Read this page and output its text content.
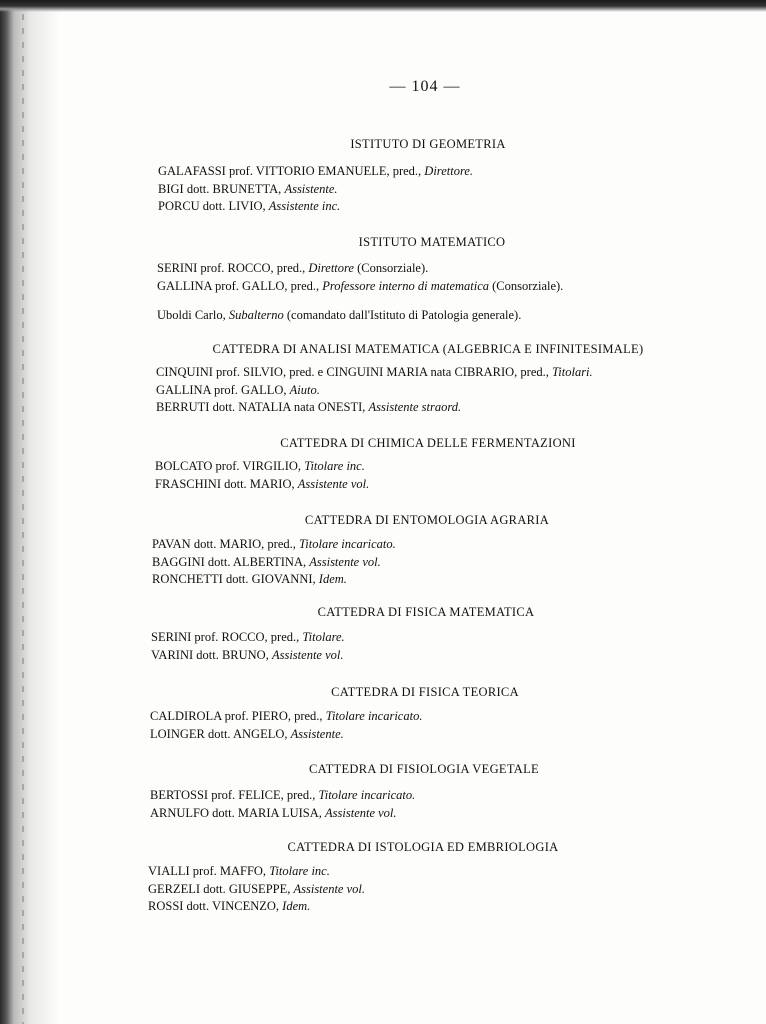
— 104 —
ISTITUTO DI GEOMETRIA
GALAFASSI prof. VITTORIO EMANUELE, pred., Direttore.
BIGI dott. BRUNETTA, Assistente.
PORCU dott. LIVIO, Assistente inc.
ISTITUTO MATEMATICO
SERINI prof. ROCCO, pred., Direttore (Consorziale).
GALLINA prof. GALLO, pred., Professore interno di matematica (Consorziale).
Uboldi Carlo, Subalterno (comandato dall'Istituto di Patologia generale).
CATTEDRA DI ANALISI MATEMATICA (ALGEBRICA E INFINITESIMALE)
CINQUINI prof. SILVIO, pred. e CINGUINI MARIA nata CIBRARIO, pred., Titolari.
GALLINA prof. GALLO, Aiuto.
BERRUTI dott. NATALIA nata ONESTI, Assistente straord.
CATTEDRA DI CHIMICA DELLE FERMENTAZIONI
BOLCATO prof. VIRGILIO, Titolare inc.
FRASCHINI dott. MARIO, Assistente vol.
CATTEDRA DI ENTOMOLOGIA AGRARIA
PAVAN dott. MARIO, pred., Titolare incaricato.
BAGGINI dott. ALBERTINA, Assistente vol.
RONCHETTI dott. GIOVANNI, Idem.
CATTEDRA DI FISICA MATEMATICA
SERINI prof. ROCCO, pred., Titolare.
VARINI dott. BRUNO, Assistente vol.
CATTEDRA DI FISICA TEORICA
CALDIROLA prof. PIERO, pred., Titolare incaricato.
LOINGER dott. ANGELO, Assistente.
CATTEDRA DI FISIOLOGIA VEGETALE
BERTOSSI prof. FELICE, pred., Titolare incaricato.
ARNULFO dott. MARIA LUISA, Assistente vol.
CATTEDRA DI ISTOLOGIA ED EMBRIOLOGIA
VIALLI prof. MAFFO, Titolare inc.
GERZELI dott. GIUSEPPE, Assistente vol.
ROSSI dott. VINCENZO, Idem.
